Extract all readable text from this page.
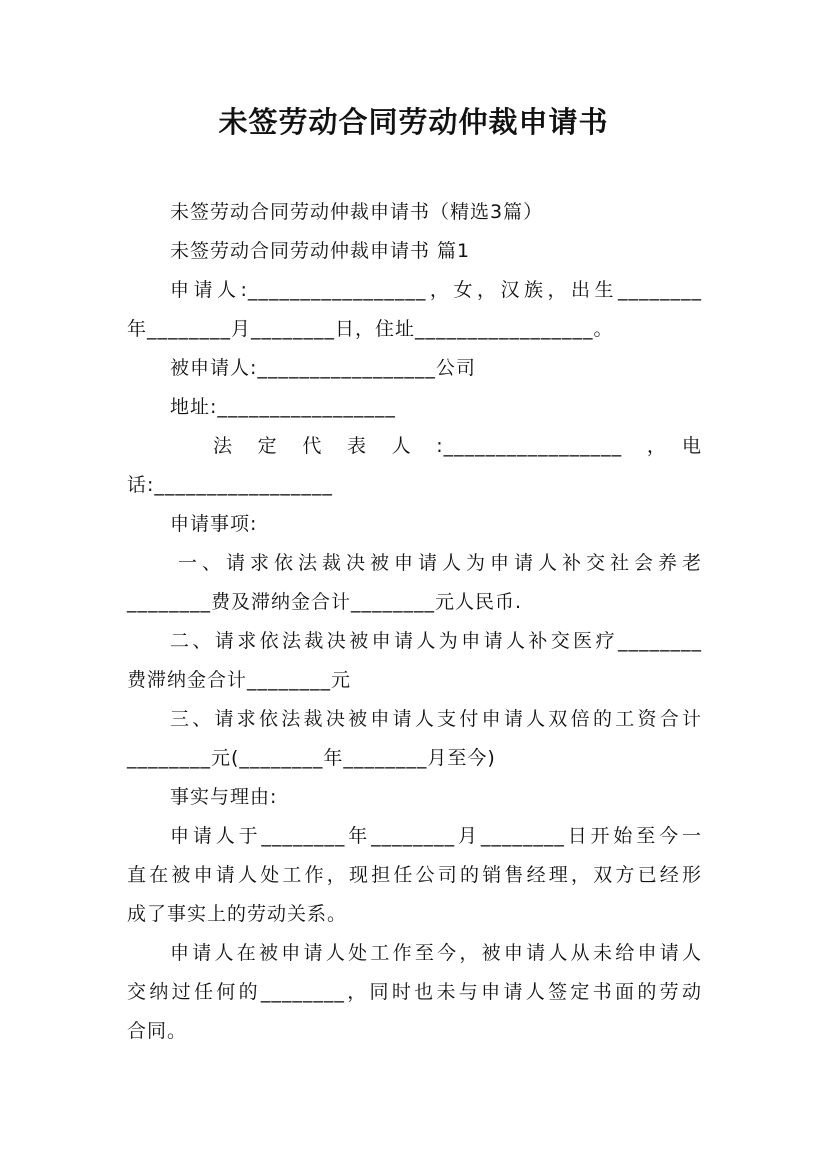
未签劳动合同劳动仲裁申请书
未签劳动合同劳动仲裁申请书（精选3篇）
未签劳动合同劳动仲裁申请书 篇1
申请人:_________________，女，汉族，出生________
年________月________日，住址_________________。
被申请人:_________________公司
地址:_________________
法　定　代　表　人　:_________________　，　电
话:_________________
申请事项:
一、请求依法裁决被申请人为申请人补交社会养老
________费及滞纳金合计________元人民币.
二、请求依法裁决被申请人为申请人补交医疗________
费滞纳金合计________元
三、请求依法裁决被申请人支付申请人双倍的工资合计
________元(________年________月至今)
事实与理由:
申请人于________年________月________日开始至今一
直在被申请人处工作，现担任公司的销售经理，双方已经形
成了事实上的劳动关系。
申请人在被申请人处工作至今，被申请人从未给申请人
交纳过任何的________，同时也未与申请人签定书面的劳动
合同。
